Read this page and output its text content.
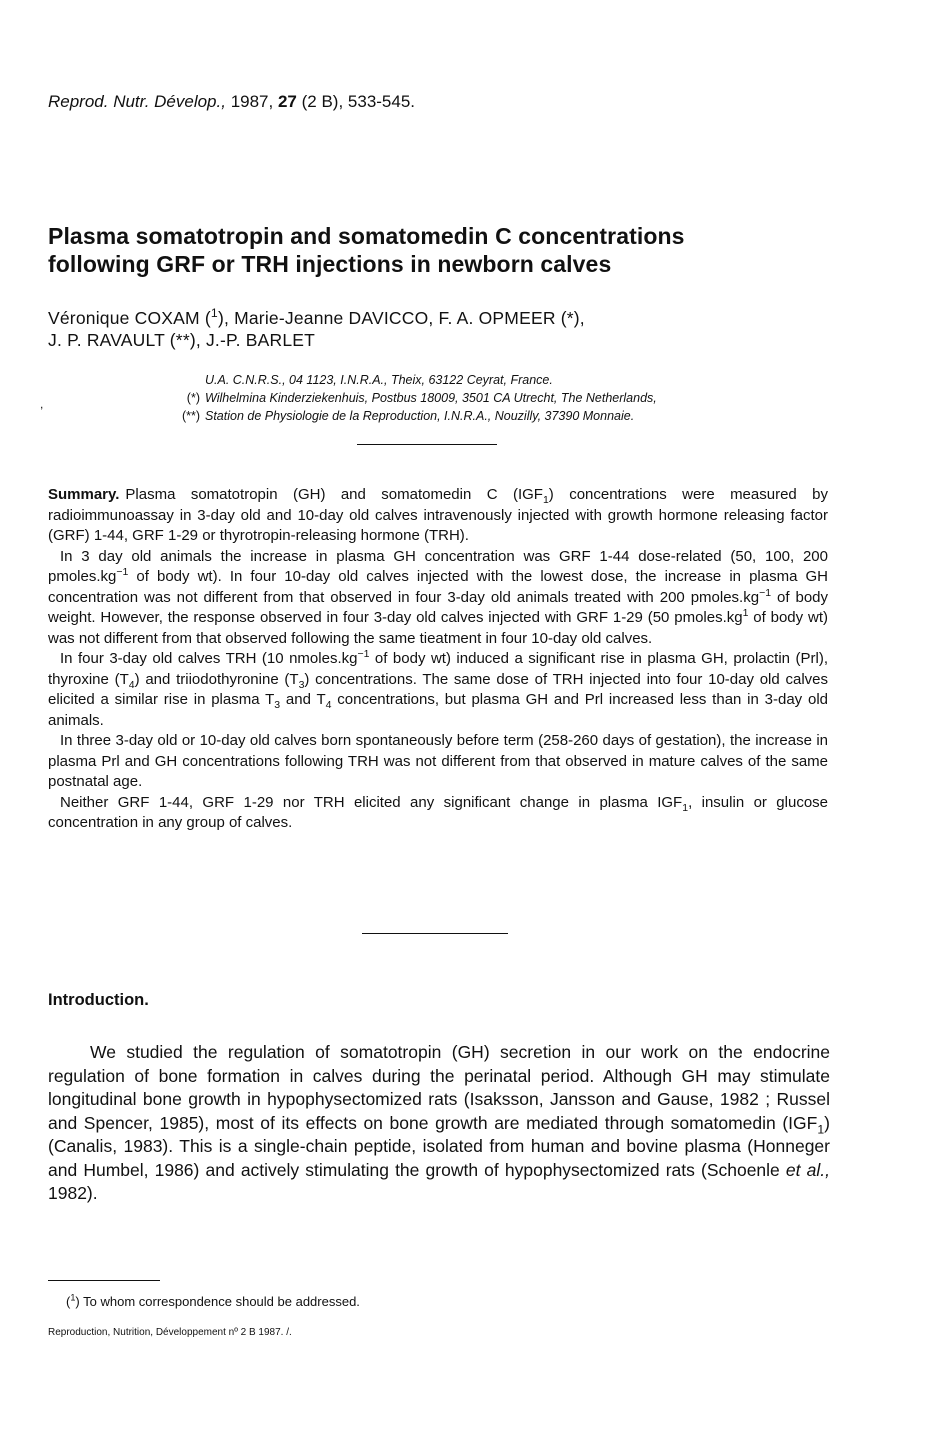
Reprod. Nutr. Dévelop., 1987, 27 (2 B), 533-545.
Plasma somatotropin and somatomedin C concentrations
following GRF or TRH injections in newborn calves
Véronique COXAM ($^1$), Marie-Jeanne DAVICCO, F. A. OPMEER (*),
J. P. RAVAULT (**), J.-P. BARLET
U.A. C.N.R.S., 04 1123, I.N.R.A., Theix, 63122 Ceyrat, France.
(*) Wilhelmina Kinderziekenhuis, Postbus 18009, 3501 CA Utrecht, The Netherlands,
(**) Station de Physiologie de la Reproduction, I.N.R.A., Nouzilly, 37390 Monnaie.
,

Summary. Plasma somatotropin (GH) and somatomedin C $(IGF_1)$ concentrations were measured by radioimmunoassay in 3-day old and 10-day old calves intravenously injected with growth hormone releasing factor (GRF) 1-44, GRF 1-29 or thyrotropin-releasing hormone (TRH).

In 3 day old animals the increase in plasma GH concentration was GRF 1-44 dose-related (50, 100, 200 $pmoles.kg^{-1}$ of body wt). In four 10-day old calves injected with the lowest dose, the increase in plasma GH concentration was not different from that observed in four 3-day old animals treated with 200 $pmoles.kg^{-1}$ of body weight. However, the response observed in four 3-day old calves injected with GRF 1-29 (50 $pmoles.kg^1$ of body wt) was not different from that observed following the same tieatment in four 10-day old calves.

In four 3-day old calves TRH (10 $nmoles.kg^{-1}$ of body wt) induced a significant rise in plasma GH, prolactin (Prl), thyroxine $(T_4)$ and triiodothyronine $(T_3)$ concentrations. The same dose of TRH injected into four 10-day old calves elicited a similar rise in plasma $T_3$ and $T_4$ concentrations, but plasma GH and Prl increased less than in 3-day old animals.

In three 3-day old or 10-day old calves born spontaneously before term (258-260 days of gestation), the increase in plasma Prl and GH concentrations following TRH was not different from that observed in mature calves of the same postnatal age.

Neither GRF 1-44, GRF 1-29 nor TRH elicited any significant change in plasma $IGF_1$, insulin or glucose concentration in any group of calves.

Introduction.

We studied the regulation of somatotropin (GH) secretion in our work on the endocrine regulation of bone formation in calves during the perinatal period. Although GH may stimulate longitudinal bone growth in hypophysectomized rats (Isaksson, Jansson and Gause, 1982 ; Russel and Spencer, 1985), most of its effects on bone growth are mediated through somatomedin $(IGF_1)$ (Canalis, 1983). This is a single-chain peptide, isolated from human and bovine plasma (Honneger and Humbel, 1986) and actively stimulating the growth of hypophysectomized rats (Schoenle et al., 1982).

($^1$) To whom correspondence should be addressed.
Reproduction, Nutrition, Développement nº 2 B 1987. /.
